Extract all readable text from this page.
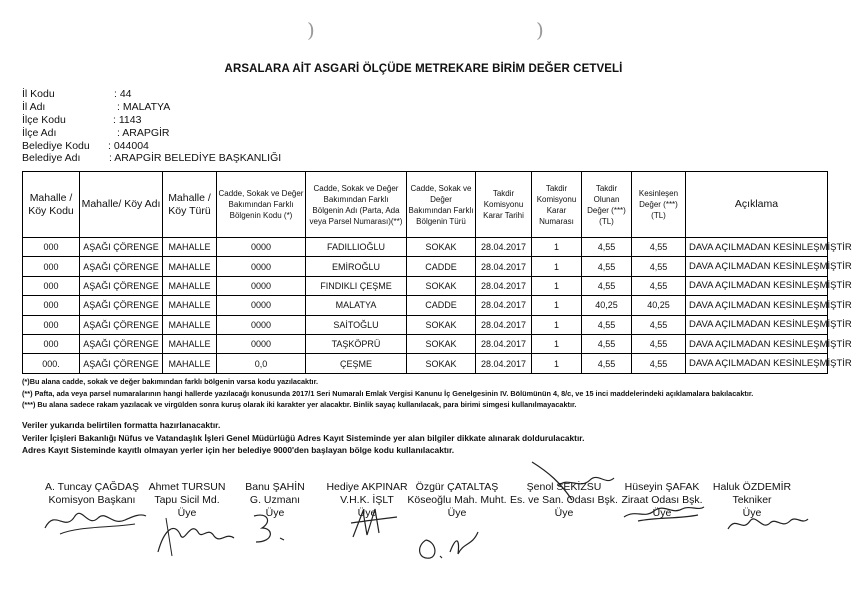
)	)
ARSALARA AİT ASGARİ ÖLÇÜDE METREKARE BİRİM DEĞER CETVELİ
İl Kodu	: 44
İl Adı	: MALATYA
İlçe Kodu	: 1143
İlçe Adı	: ARAPGİR
Belediye Kodu : 044004
Belediye Adı	: ARAPGİR BELEDİYE BAŞKANLIĞI
Mahalle / Köy Kodu	Mahalle/ Köy Adı	Mahalle / Köy Türü	Cadde, Sokak ve Değer Bakımından Farklı Bölgenin Kodu (*)	Cadde, Sokak ve Değer Bakımından Farklı Bölgenin Adı (Parta, Ada veya Parsel Numarası)(**)	Cadde, Sokak ve Değer Bakımından Farklı Bölgenin Türü	Takdir Komisyonu Karar Tarihi	Takdir Komisyonu Karar Numarası	Takdir Olunan Değer (***) (TL)	Kesinleşen Değer (***) (TL)	Açıklama
000	AŞAĞI ÇÖRENGE	MAHALLE	0000	FADILLIOĞLU	SOKAK	28.04.2017	1	4,55	4,55	DAVA AÇILMADAN KESİNLEŞMİŞTİR
000	AŞAĞI ÇÖRENGE	MAHALLE	0000	EMİROĞLU	CADDE	28.04.2017	1	4,55	4,55	DAVA AÇILMADAN KESİNLEŞMİŞTİR
000	AŞAĞI ÇÖRENGE	MAHALLE	0000	FINDIKLI ÇEŞME	SOKAK	28.04.2017	1	4,55	4,55	DAVA AÇILMADAN KESİNLEŞMİŞTİR
000	AŞAĞI ÇÖRENGE	MAHALLE	0000	MALATYA	CADDE	28.04.2017	1	40,25	40,25	DAVA AÇILMADAN KESİNLEŞMİŞTİR
000	AŞAĞI ÇÖRENGE	MAHALLE	0000	SAİTOĞLU	SOKAK	28.04.2017	1	4,55	4,55	DAVA AÇILMADAN KESİNLEŞMİŞTİR
000	AŞAĞI ÇÖRENGE	MAHALLE	0000	TAŞKÖPRÜ	SOKAK	28.04.2017	1	4,55	4,55	DAVA AÇILMADAN KESİNLEŞMİŞTİR
000.	AŞAĞI ÇÖRENGE	MAHALLE	0,0	ÇEŞME	SOKAK	28.04.2017	1	4,55	4,55	DAVA AÇILMADAN KESİNLEŞMİŞTİR
(*)Bu alana cadde, sokak ve değer bakımından farklı bölgenin varsa kodu yazılacaktır.
(**) Pafta, ada veya parsel numaralarının hangi hallerde yazılacağı konusunda 2017/1 Seri Numaralı Emlak Vergisi Kanunu İç Genelgesinin IV. Bölümünün 4, 8/c, ve 15 inci maddelerindeki açıklamalara bakılacaktır.
(***) Bu alana sadece rakam yazılacak ve virgülden sonra kuruş olarak iki karakter yer alacaktır. Binlik sayaç kullanılacak, para birimi simgesi kullanılmayacaktır.
Veriler yukarıda belirtilen formatta hazırlanacaktır.
Veriler İçişleri Bakanlığı Nüfus ve Vatandaşlık İşleri Genel Müdürlüğü Adres Kayıt Sisteminde yer alan bilgiler dikkate alınarak doldurulacaktır.
Adres Kayıt Sisteminde kayıtlı olmayan yerler için her belediye 9000'den başlayan bölge kodu kullanılacaktır.
A. Tuncay ÇAĞDAŞ
Komisyon Başkanı
Ahmet TURSUN
Tapu Sicil Md.
Üye
Banu ŞAHİN
G. Uzmanı
Üye
Hediye AKPINAR
V.H.K. İŞLT
Üye
Özgür ÇATALTAŞ
Köseoğlu Mah. Muht.
Üye
Şenol SEKİZSU
Es. ve San. Odası Bşk.
Üye
Hüseyin ŞAFAK
Ziraat Odası Bşk.
Üye
Haluk ÖZDEMİR
Tekniker
Üye
